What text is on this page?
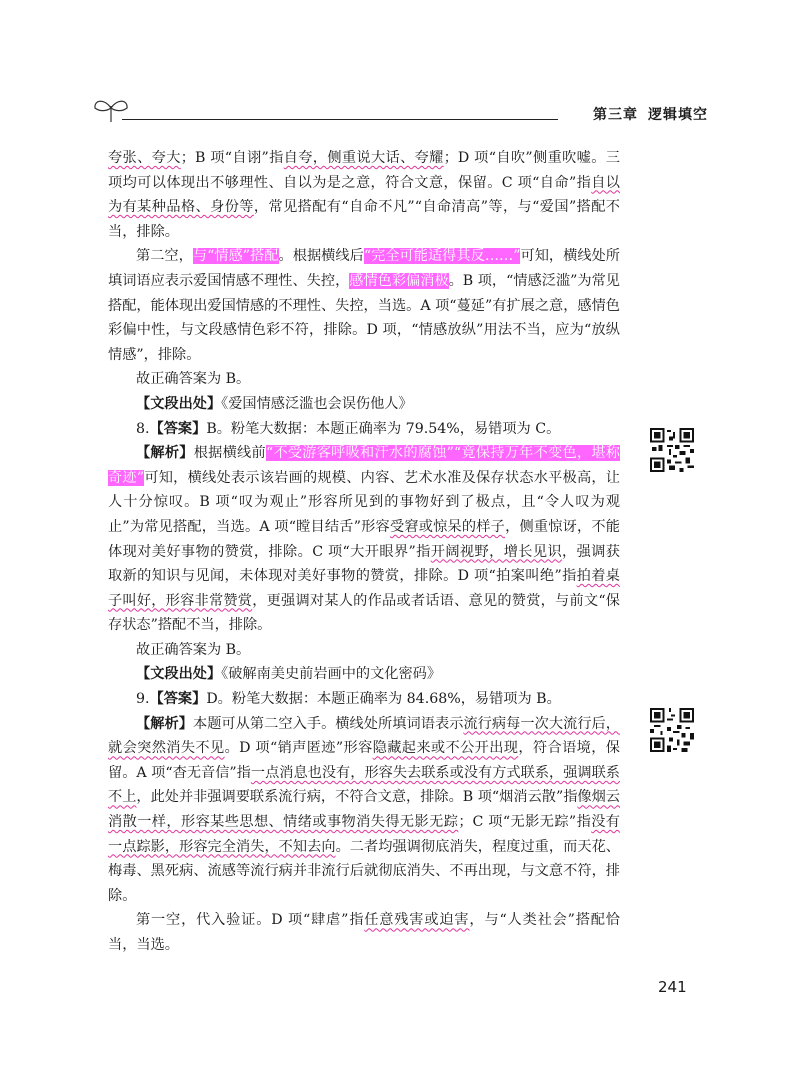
第三章 逻辑填空

夸张、夸大；B 项“自诩”指自夸，侧重说大话、夸耀；D 项“自吹”侧重吹嘘。三项均可以体现出不够理性、自以为是之意，符合文意，保留。C 项“自命”指自以为有某种品格、身份等，常见搭配有“自命不凡”“自命清高”等，与“爱国”搭配不当，排除。

第二空，与“情感”搭配。根据横线后“完全可能适得其反……”可知，横线处所填词语应表示爱国情感不理性、失控，感情色彩偏消极。B 项，“情感泛滥”为常见搭配，能体现出爱国情感的不理性、失控，当选。A 项“蔓延”有扩展之意，感情色彩偏中性，与文段感情色彩不符，排除。D 项，“情感放纵”用法不当，应为“放纵情感”，排除。

故正确答案为 B。

【文段出处】《爱国情感泛滥也会误伤他人》

8.【答案】B。粉笔大数据：本题正确率为 79.54%，易错项为 C。

【解析】根据横线前“不受游客呼吸和汗水的腐蚀”“竟保持万年不变色，堪称奇迹”可知，横线处表示该岩画的规模、内容、艺术水准及保存状态水平极高，让人十分惊叹。B 项“叹为观止”形容所见到的事物好到了极点，且“令人叹为观止”为常见搭配，当选。A 项“瞠目结舌”形容受窘或惊呆的样子，侧重惊讶，不能体现对美好事物的赞赏，排除。C 项“大开眼界”指开阔视野，增长见识，强调获取新的知识与见闻，未体现对美好事物的赞赏，排除。D 项“拍案叫绝”指拍着桌子叫好，形容非常赞赏，更强调对某人的作品或者话语、意见的赞赏，与前文“保存状态”搭配不当，排除。

故正确答案为 B。

【文段出处】《破解南美史前岩画中的文化密码》

9.【答案】D。粉笔大数据：本题正确率为 84.68%，易错项为 B。

【解析】本题可从第二空入手。横线处所填词语表示流行病每一次大流行后，就会突然消失不见。D 项“销声匿迹”形容隐藏起来或不公开出现，符合语境，保留。A 项“杳无音信”指一点消息也没有，形容失去联系或没有方式联系，强调联系不上，此处并非强调要联系流行病，不符合文意，排除。B 项“烟消云散”指像烟云消散一样，形容某些思想、情绪或事物消失得无影无踪；C 项“无影无踪”指没有一点踪影，形容完全消失，不知去向。二者均强调彻底消失，程度过重，而天花、梅毒、黑死病、流感等流行病并非流行后就彻底消失、不再出现，与文意不符，排除。

第一空，代入验证。D 项“肆虐”指任意残害或迫害，与“人类社会”搭配恰当，当选。

241
